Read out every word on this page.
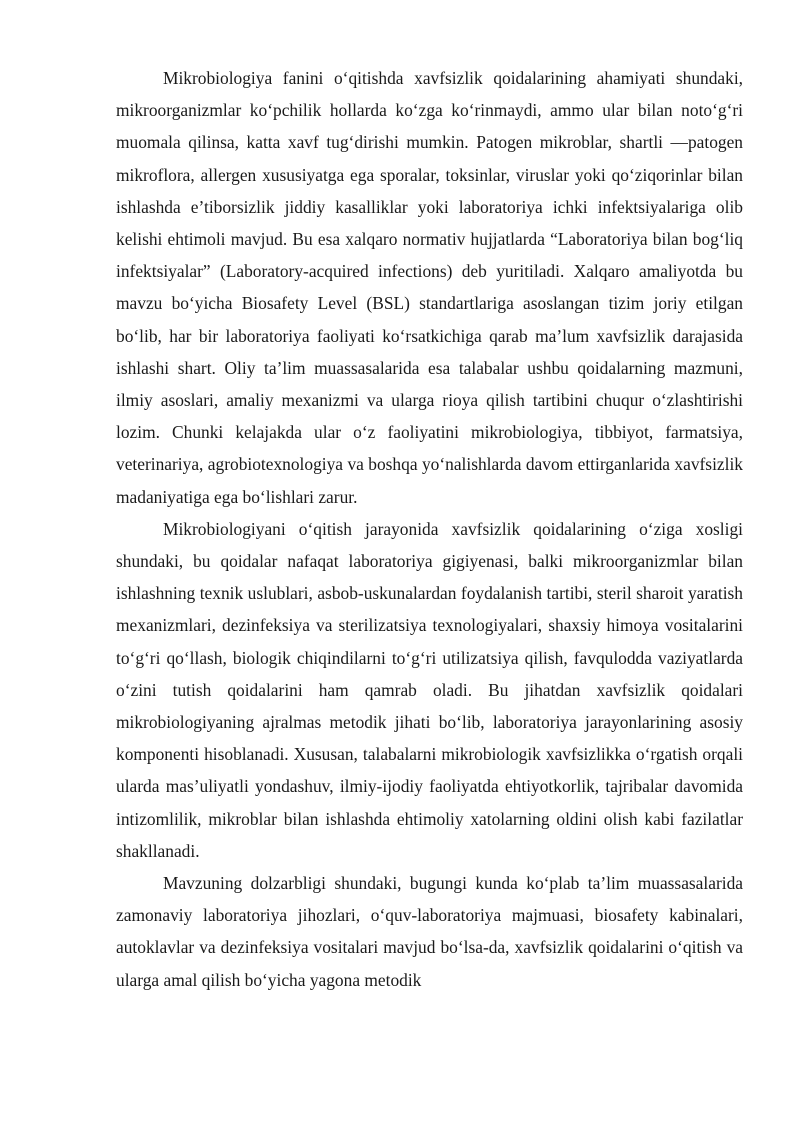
Mikrobiologiya fanini o‘qitishda xavfsizlik qoidalarining ahamiyati shundaki, mikroorganizmlar ko‘pchilik hollarda ko‘zga ko‘rinmaydi, ammo ular bilan noto‘g‘ri muomala qilinsa, katta xavf tug‘dirishi mumkin. Patogen mikroblar, shartli —patogen mikroflora, allergen xususiyatga ega sporalar, toksinlar, viruslar yoki qo‘ziqorinlar bilan ishlashda e’tiborsizlik jiddiy kasalliklar yoki laboratoriya ichki infektsiyalariga olib kelishi ehtimoli mavjud. Bu esa xalqaro normativ hujjatlarda “Laboratoriya bilan bog‘liq infektsiyalar” (Laboratory-acquired infections) deb yuritiladi. Xalqaro amaliyotda bu mavzu bo‘yicha Biosafety Level (BSL) standartlariga asoslangan tizim joriy etilgan bo‘lib, har bir laboratoriya faoliyati ko‘rsatkichiga qarab ma’lum xavfsizlik darajasida ishlashi shart. Oliy ta’lim muassasalarida esa talabalar ushbu qoidalarning mazmuni, ilmiy asoslari, amaliy mexanizmi va ularga rioya qilish tartibini chuqur o‘zlashtirishi lozim. Chunki kelajakda ular o‘z faoliyatini mikrobiologiya, tibbiyot, farmatsiya, veterinariya, agrobiotexnologiya va boshqa yo‘nalishlarda davom ettirganlarida xavfsizlik madaniyatiga ega bo‘lishlari zarur.

Mikrobiologiyani o‘qitish jarayonida xavfsizlik qoidalarining o‘ziga xosligi shundaki, bu qoidalar nafaqat laboratoriya gigiyenasi, balki mikroorganizmlar bilan ishlashning texnik uslublari, asbob-uskunalardan foydalanish tartibi, steril sharoit yaratish mexanizmlari, dezinfeksiya va sterilizatsiya texnologiyalari, shaxsiy himoya vositalarini to‘g‘ri qo‘llash, biologik chiqindilarni to‘g‘ri utilizatsiya qilish, favqulodda vaziyatlarda o‘zini tutish qoidalarini ham qamrab oladi. Bu jihatdan xavfsizlik qoidalari mikrobiologiyaning ajralmas metodik jihati bo‘lib, laboratoriya jarayonlarining asosiy komponenti hisoblanadi. Xususan, talabalarni mikrobiologik xavfsizlikka o‘rgatish orqali ularda mas’uliyatli yondashuv, ilmiy-ijodiy faoliyatda ehtiyotkorlik, tajribalar davomida intizomlilik, mikroblar bilan ishlashda ehtimoliy xatolarning oldini olish kabi fazilatlar shakllanadi.

Mavzuning dolzarbligi shundaki, bugungi kunda ko‘plab ta’lim muassasalarida zamonaviy laboratoriya jihozlari, o‘quv-laboratoriya majmuasi, biosafety kabinalari, autoklavlar va dezinfeksiya vositalari mavjud bo‘lsa-da, xavfsizlik qoidalarini o‘qitish va ularga amal qilish bo‘yicha yagona metodik
